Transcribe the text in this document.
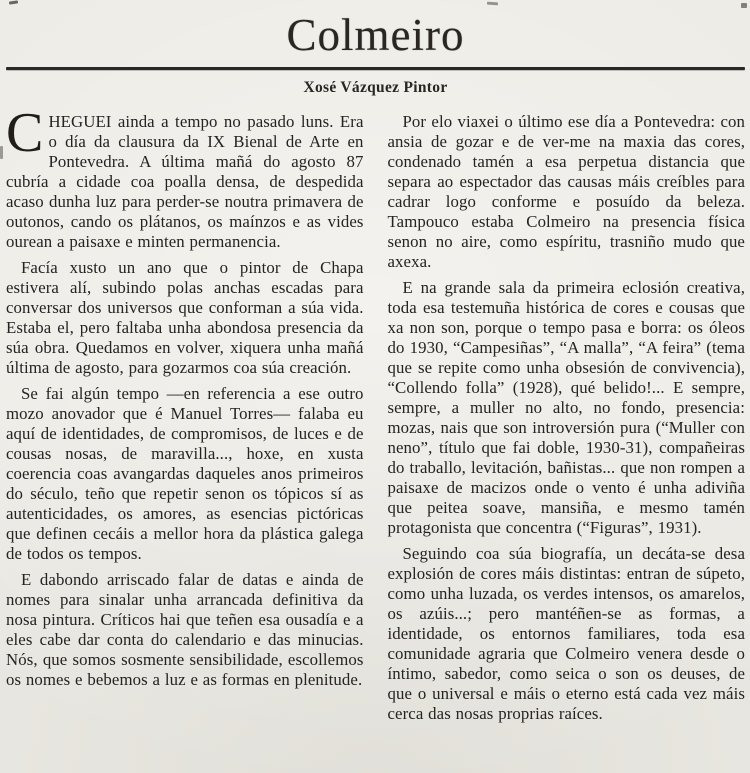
Colmeiro

Xosé Vázquez Pintor

CHEGUEI ainda a tempo no pasado luns. Era o día da clausura da IX Bienal de Arte en Pontevedra. A última mañá do agosto 87 cubría a cidade coa poalla densa, de despedida acaso dunha luz para perder-se noutra primavera de outonos, cando os plátanos, os maínzos e as vides ourean a paisaxe e minten permanencia.

Facía xusto un ano que o pintor de Chapa estivera alí, subindo polas anchas escadas para conversar dos universos que conforman a súa vida. Estaba el, pero faltaba unha abondosa presencia da súa obra. Quedamos en volver, xiquera unha mañá última de agosto, para gozarmos coa súa creación.

Se fai algún tempo —en referencia a ese outro mozo anovador que é Manuel Torres— falaba eu aquí de identidades, de compromisos, de luces e de cousas nosas, de maravilla..., hoxe, en xusta coerencia coas avangardas daqueles anos primeiros do século, teño que repetir senon os tópicos sí as autenticidades, os amores, as esencias pictóricas que definen cecáis a mellor hora da plástica galega de todos os tempos.

E dabondo arriscado falar de datas e ainda de nomes para sinalar unha arrancada definitiva da nosa pintura. Críticos hai que teñen esa ousadía e a eles cabe dar conta do calendario e das minucias. Nós, que somos sosmente sensibilidade, escollemos os nomes e bebemos a luz e as formas en plenitude.

Por elo viaxei o último ese día a Pontevedra: con ansia de gozar e de ver-me na maxia das cores, condenado tamén a esa perpetua distancia que separa ao espectador das causas máis creíbles para cadrar logo conforme e posuído da beleza. Tampouco estaba Colmeiro na presencia física senon no aire, como espíritu, trasniño mudo que axexa.

E na grande sala da primeira eclosión creativa, toda esa testemuña histórica de cores e cousas que xa non son, porque o tempo pasa e borra: os óleos do 1930, “Campesiñas”, “A malla”, “A feira” (tema que se repite como unha obsesión de convivencia), “Collendo folla” (1928), qué belido!... E sempre, sempre, a muller no alto, no fondo, presencia: mozas, nais que son introversión pura (“Muller con neno”, título que fai doble, 1930-31), compañeiras do traballo, levitación, bañistas... que non rompen a paisaxe de macizos onde o vento é unha adiviña que peitea soave, mansiña, e mesmo tamén protagonista que concentra (“Figuras”, 1931).

Seguindo coa súa biografía, un decáta-se desa explosión de cores máis distintas: entran de súpeto, como unha luzada, os verdes intensos, os amarelos, os azúis...; pero mantéñen-se as formas, a identidade, os entornos familiares, toda esa comunidade agraria que Colmeiro venera desde o íntimo, sabedor, como seica o son os deuses, de que o universal e máis o eterno está cada vez máis cerca das nosas proprias raíces.
